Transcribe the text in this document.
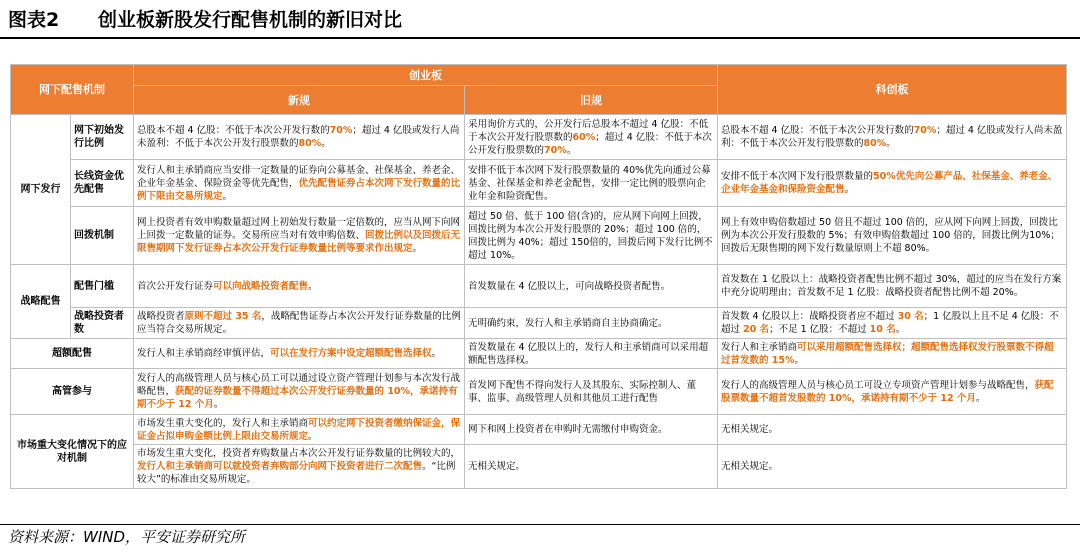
图表2 创业板新股发行配售机制的新旧对比
网下配售机制		创业板		科创板
		新规	旧规	
网下发行	网下初始发行比例	总股本不超 4 亿股：不低于本次公开发行数的70%；超过 4 亿股或发行人尚未盈利：不低于本次公开发行股票数的80%。	采用询价方式的，公开发行后总股本不超过 4 亿股：不低于本次公开发行股票数的60%；超过 4 亿股：不低于本次公开发行股票数的70%。	总股本不超 4 亿股：不低于本次公开发行数的70%；超过 4 亿股或发行人尚未盈利：不低于本次公开发行股票数的80%。
	长线资金优先配售	发行人和主承销商应当安排一定数量的证券向公募基金、社保基金、养老金、企业年金基金、保险资金等优先配售，优先配售证券占本次网下发行数量的比例下限由交易所规定。	安排不低于本次网下发行股票数量的 40%优先向通过公募基金、社保基金和养老金配售，安排一定比例的股票向企业年金和险资配售。	安排不低于本次网下发行股票数量的50%优先向公募产品、社保基金、养老金、企业年金基金和保险资金配售。
	回拨机制	网上投资者有效申购数量超过网上初始发行数量一定倍数的，应当从网下向网上回拨一定数量的证券。交易所应当对有效申购倍数、回拨比例以及回拨后无限售期网下发行证券占本次公开发行证券数量比例等要求作出规定。	超过 50 倍、低于 100 倍(含)的，应从网下向网上回拨，回拨比例为本次公开发行股票的 20%；超过 100 倍的，回拨比例为 40%；超过 150倍的，回拨后网下发行比例不超过 10%。	网上有效申购倍数超过 50 倍且不超过 100 倍的，应从网下向网上回拨，回拨比例为本次公开发行股数的 5%；有效申购倍数超过 100 倍的，回拨比例为10%；回拨后无限售期的网下发行数量原则上不超 80%。
战略配售	配售门槛	首次公开发行证券可以向战略投资者配售。	首发数量在 4 亿股以上，可向战略投资者配售。	首发数在 1 亿股以上：战略投资者配售比例不超过 30%，超过的应当在发行方案中充分说明理由；首发数不足 1 亿股：战略投资者配售比例不超 20%。
	战略投资者数	战略投资者原则不超过 35 名，战略配售证券占本次公开发行证券数量的比例应当符合交易所规定。	无明确约束，发行人和主承销商自主协商确定。	首发数 4 亿股以上：战略投资者应不超过 30 名；1 亿股以上且不足 4 亿股：不超过 20 名；不足 1 亿股：不超过 10 名。
超额配售		发行人和主承销商经审慎评估，可以在发行方案中设定超额配售选择权。	首发数量在 4 亿股以上的，发行人和主承销商可以采用超额配售选择权。	发行人和主承销商可以采用超额配售选择权；超额配售选择权发行股票数不得超过首发数的 15%。
高管参与		发行人的高级管理人员与核心员工可以通过设立资产管理计划参与本次发行战略配售，获配的证券数量不得超过本次公开发行证券数量的 10%，承诺持有期不少于 12 个月。	首发网下配售不得向发行人及其股东、实际控制人、董事、监事、高级管理人员和其他员工进行配售	发行人的高级管理人员与核心员工可设立专项资产管理计划参与战略配售，获配股票数量不超首发股数的 10%，承诺持有期不少于 12 个月。
市场重大变化情况下的应对机制		市场发生重大变化的，发行人和主承销商可以约定网下投资者缴纳保证金，保证金占拟申购金额比例上限由交易所规定。	网下和网上投资者在申购时无需缴付申购资金。	无相关规定。
		市场发生重大变化，投资者弃购数量占本次公开发行证券数量的比例较大的，发行人和主承销商可以就投资者弃购部分向网下投资者进行二次配售。“比例较大”的标准由交易所规定。	无相关规定。	无相关规定。
资料来源：WIND，平安证券研究所
